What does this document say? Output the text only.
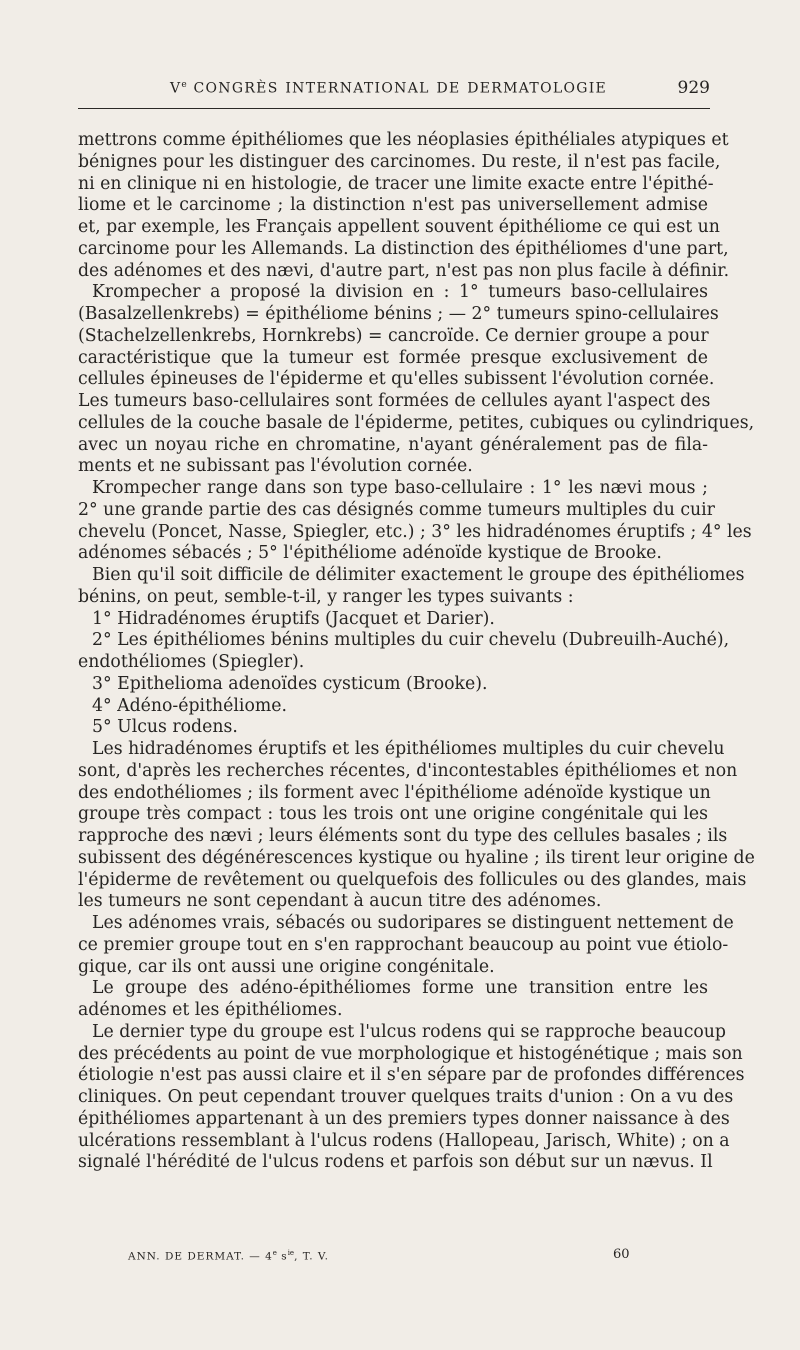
Ve CONGRÈS INTERNATIONAL DE DERMATOLOGIE	929
mettrons comme épithéliomes que les néoplasies épithéliales atypiques et
bénignes pour les distinguer des carcinomes. Du reste, il n'est pas facile,
ni en clinique ni en histologie, de tracer une limite exacte entre l'épithé-
liome et le carcinome ; la distinction n'est pas universellement admise
et, par exemple, les Français appellent souvent épithéliome ce qui est un
carcinome pour les Allemands. La distinction des épithéliomes d'une part,
des adénomes et des nævi, d'autre part, n'est pas non plus facile à définir.
Krompecher a proposé la division en : 1° tumeurs baso-cellulaires
(Basalzellenkrebs) = épithéliome bénins ; — 2° tumeurs spino-cellulaires
(Stachelzellenkrebs, Hornkrebs) = cancroïde. Ce dernier groupe a pour
caractéristique que la tumeur est formée presque exclusivement de
cellules épineuses de l'épiderme et qu'elles subissent l'évolution cornée.
Les tumeurs baso-cellulaires sont formées de cellules ayant l'aspect des
cellules de la couche basale de l'épiderme, petites, cubiques ou cylindriques,
avec un noyau riche en chromatine, n'ayant généralement pas de fila-
ments et ne subissant pas l'évolution cornée.
Krompecher range dans son type baso-cellulaire : 1° les nævi mous ;
2° une grande partie des cas désignés comme tumeurs multiples du cuir
chevelu (Poncet, Nasse, Spiegler, etc.) ; 3° les hidradénomes éruptifs ; 4° les
adénomes sébacés ; 5° l'épithéliome adénoïde kystique de Brooke.
Bien qu'il soit difficile de délimiter exactement le groupe des épithéliomes
bénins, on peut, semble-t-il, y ranger les types suivants :
1° Hidradénomes éruptifs (Jacquet et Darier).
2° Les épithéliomes bénins multiples du cuir chevelu (Dubreuilh-Auché),
endothéliomes (Spiegler).
3° Epithelioma adenoïdes cysticum (Brooke).
4° Adéno-épithéliome.
5° Ulcus rodens.
Les hidradénomes éruptifs et les épithéliomes multiples du cuir chevelu
sont, d'après les recherches récentes, d'incontestables épithéliomes et non
des endothéliomes ; ils forment avec l'épithéliome adénoïde kystique un
groupe très compact : tous les trois ont une origine congénitale qui les
rapproche des nævi ; leurs éléments sont du type des cellules basales ; ils
subissent des dégénérescences kystique ou hyaline ; ils tirent leur origine de
l'épiderme de revêtement ou quelquefois des follicules ou des glandes, mais
les tumeurs ne sont cependant à aucun titre des adénomes.
Les adénomes vrais, sébacés ou sudoripares se distinguent nettement de
ce premier groupe tout en s'en rapprochant beaucoup au point vue étiolo-
gique, car ils ont aussi une origine congénitale.
Le groupe des adéno-épithéliomes forme une transition entre les
adénomes et les épithéliomes.
Le dernier type du groupe est l'ulcus rodens qui se rapproche beaucoup
des précédents au point de vue morphologique et histogénétique ; mais son
étiologie n'est pas aussi claire et il s'en sépare par de profondes différences
cliniques. On peut cependant trouver quelques traits d'union : On a vu des
épithéliomes appartenant à un des premiers types donner naissance à des
ulcérations ressemblant à l'ulcus rodens (Hallopeau, Jarisch, White) ; on a
signalé l'hérédité de l'ulcus rodens et parfois son début sur un nævus. Il
ANN. DE DERMAT. — 4e $s^{ie}$, T. V.	60
